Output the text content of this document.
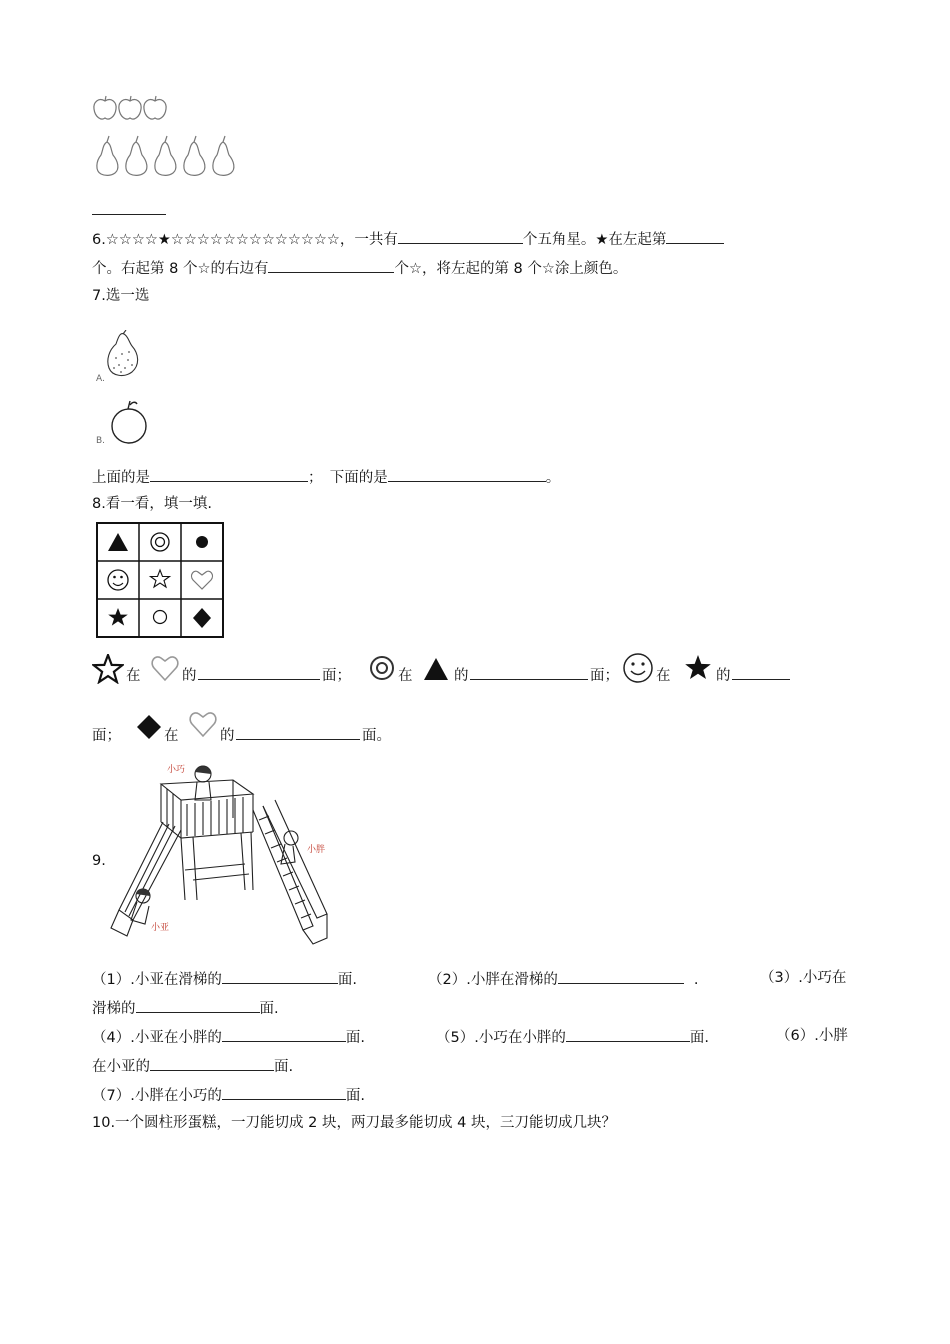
6.☆☆☆☆★☆☆☆☆☆☆☆☆☆☆☆☆☆，一共有	个五角星。★在左起第
个。右起第 8 个☆的右边有	个☆，将左起的第 8 个☆涂上颜色。
7.选一选
A.
B.
上面的是	；　下面的是	。
8.看一看，填一填.
在	的	面；	在	的	面；	在	的
面；	在	的	面。
9.
小巧
小胖
小亚
（1）.小亚在滑梯的	面.	（2）.小胖在滑梯的	.	（3）.小巧在
滑梯的	面.
（4）.小亚在小胖的	面.	（5）.小巧在小胖的	面.	（6）.小胖
在小亚的	面.
（7）.小胖在小巧的	面.
10.一个圆柱形蛋糕，一刀能切成 2 块，两刀最多能切成 4 块，三刀能切成几块？
